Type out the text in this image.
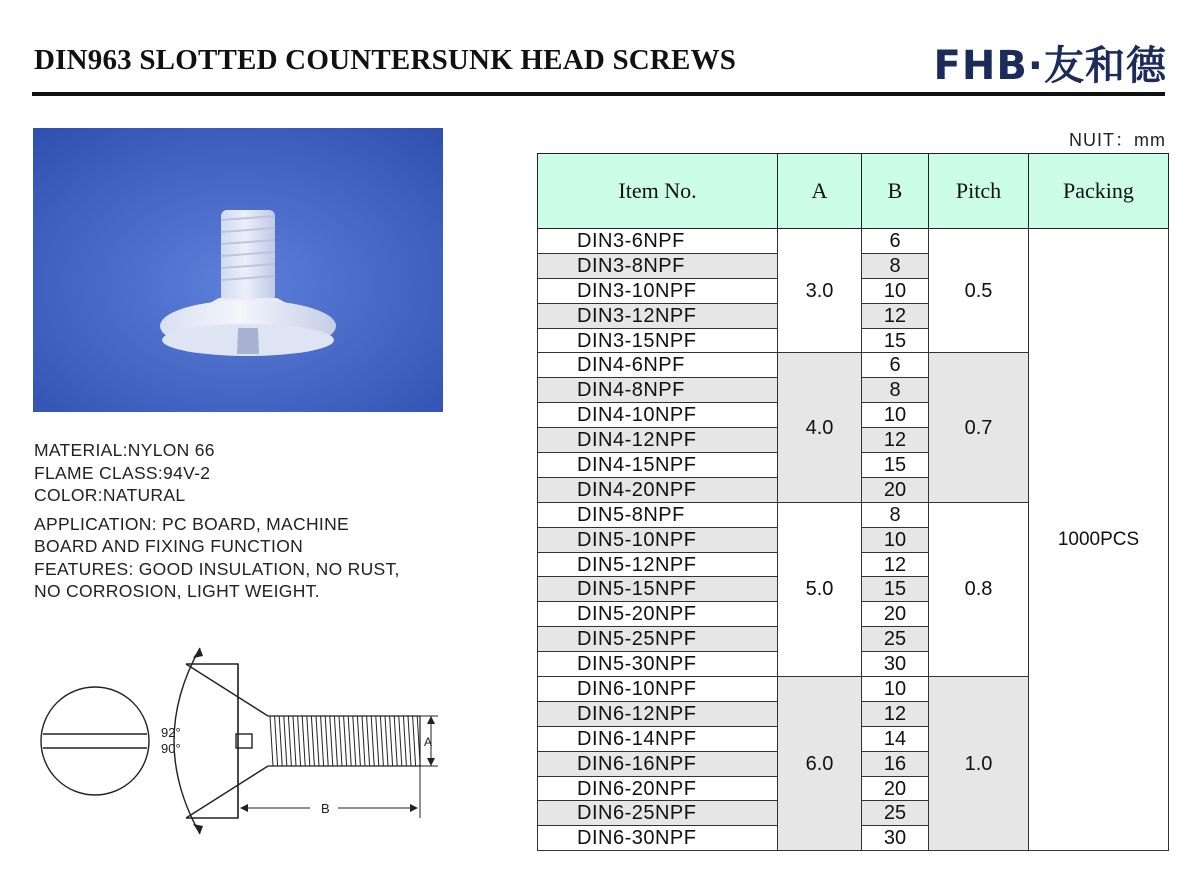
DIN963 SLOTTED COUNTERSUNK HEAD SCREWS	FHB·友和德
MATERIAL:NYLON 66
FLAME CLASS:94V-2
COLOR:NATURAL
APPLICATION: PC BOARD, MACHINE
BOARD AND FIXING FUNCTION
FEATURES: GOOD INSULATION, NO RUST,
NO CORROSION, LIGHT WEIGHT.
92°
90°	A
B
NUIT：mm
Item No.	A	B	Pitch	Packing
DIN3-6NPF	3.0	6	0.5	1000PCS
DIN3-8NPF		8		
DIN3-10NPF		10		
DIN3-12NPF		12		
DIN3-15NPF		15		
DIN4-6NPF	4.0	6	0.7	
DIN4-8NPF		8		
DIN4-10NPF		10		
DIN4-12NPF		12		
DIN4-15NPF		15		
DIN4-20NPF		20		
DIN5-8NPF	5.0	8	0.8	
DIN5-10NPF		10		
DIN5-12NPF		12		
DIN5-15NPF		15		
DIN5-20NPF		20		
DIN5-25NPF		25		
DIN5-30NPF		30		
DIN6-10NPF	6.0	10	1.0	
DIN6-12NPF		12		
DIN6-14NPF		14		
DIN6-16NPF		16		
DIN6-20NPF		20		
DIN6-25NPF		25		
DIN6-30NPF		30		
